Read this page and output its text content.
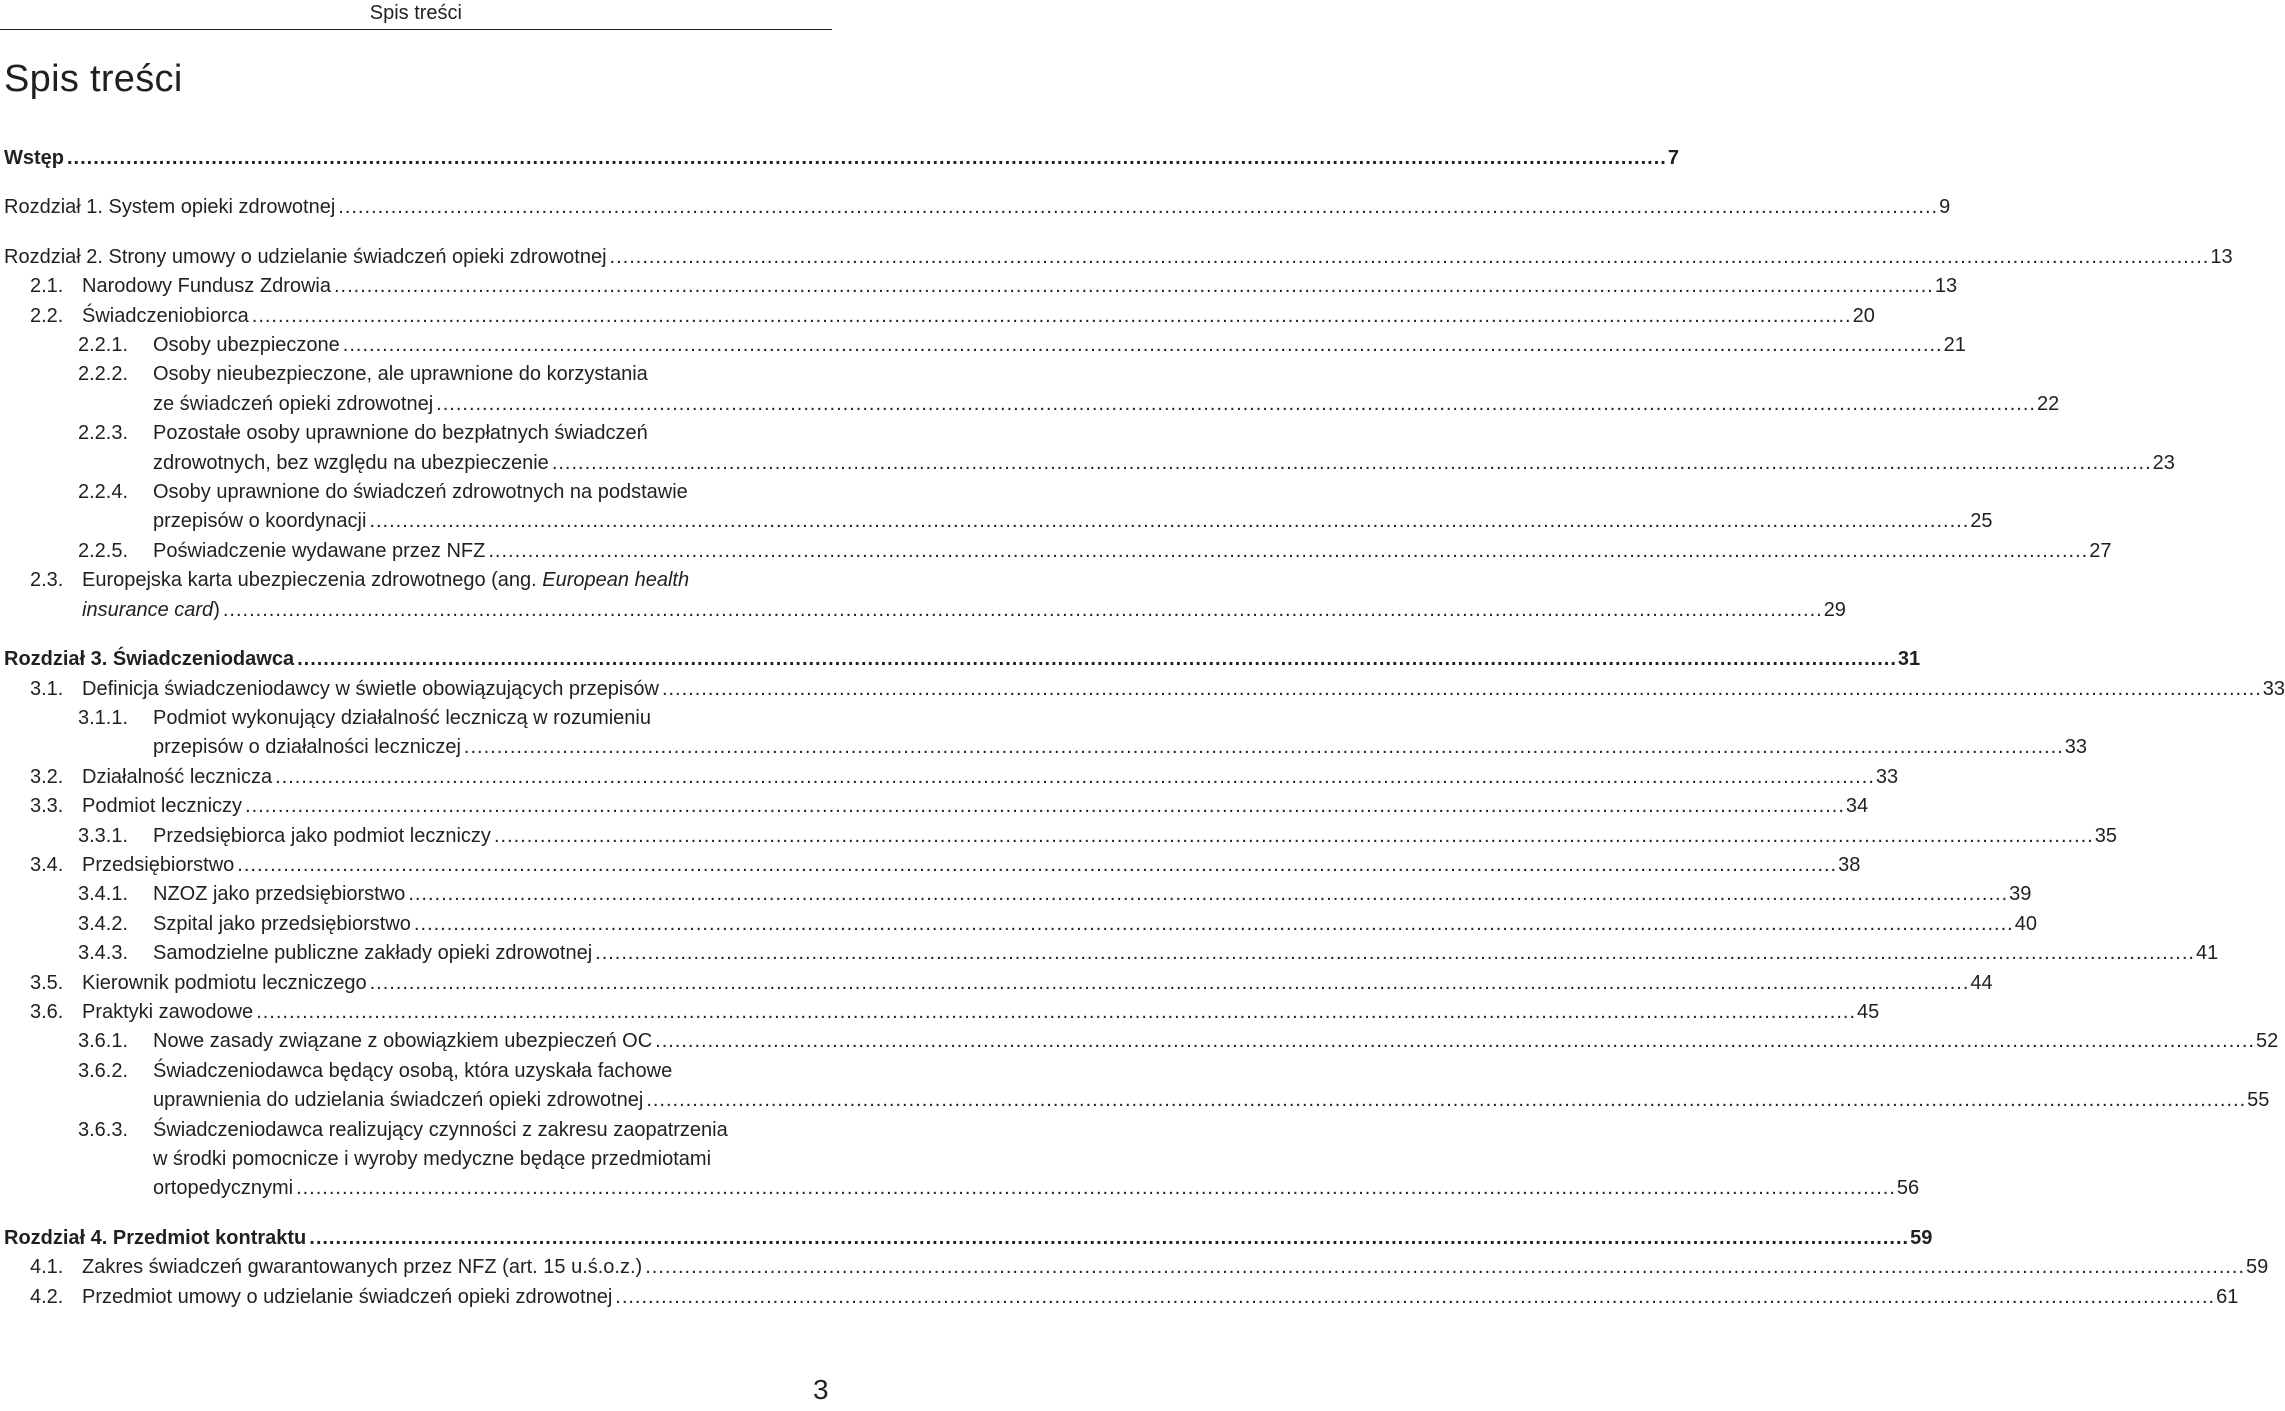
Spis treści
Spis treści
Wstęp .................................................................................................................................................................................................................................................... 7
Rozdział 1. System opieki zdrowotnej .................................................................................................................................................................................................................................................... 9
Rozdział 2. Strony umowy o udzielanie świadczeń opieki zdrowotnej .................................................................................................................................................................................................................................................... 13
2.1. Narodowy Fundusz Zdrowia .................................................................................................................................................................................................................................................... 13
2.2. Świadczeniobiorca .................................................................................................................................................................................................................................................... 20
2.2.1. Osoby ubezpieczone .................................................................................................................................................................................................................................................... 21
2.2.2. Osoby nieubezpieczone, ale uprawnione do korzystania
ze świadczeń opieki zdrowotnej .................................................................................................................................................................................................................................................... 22
2.2.3. Pozostałe osoby uprawnione do bezpłatnych świadczeń
zdrowotnych, bez względu na ubezpieczenie .................................................................................................................................................................................................................................................... 23
2.2.4. Osoby uprawnione do świadczeń zdrowotnych na podstawie
przepisów o koordynacji .................................................................................................................................................................................................................................................... 25
2.2.5. Poświadczenie wydawane przez NFZ .................................................................................................................................................................................................................................................... 27
2.3. Europejska karta ubezpieczenia zdrowotnego (ang. European health
insurance card) .................................................................................................................................................................................................................................................... 29
Rozdział 3. Świadczeniodawca .................................................................................................................................................................................................................................................... 31
3.1. Definicja świadczeniodawcy w świetle obowiązujących przepisów .................................................................................................................................................................................................................................................... 33
3.1.1. Podmiot wykonujący działalność leczniczą w rozumieniu
przepisów o działalności leczniczej .................................................................................................................................................................................................................................................... 33
3.2. Działalność lecznicza .................................................................................................................................................................................................................................................... 33
3.3. Podmiot leczniczy .................................................................................................................................................................................................................................................... 34
3.3.1. Przedsiębiorca jako podmiot leczniczy .................................................................................................................................................................................................................................................... 35
3.4. Przedsiębiorstwo .................................................................................................................................................................................................................................................... 38
3.4.1. NZOZ jako przedsiębiorstwo .................................................................................................................................................................................................................................................... 39
3.4.2. Szpital jako przedsiębiorstwo .................................................................................................................................................................................................................................................... 40
3.4.3. Samodzielne publiczne zakłady opieki zdrowotnej .................................................................................................................................................................................................................................................... 41
3.5. Kierownik podmiotu leczniczego .................................................................................................................................................................................................................................................... 44
3.6. Praktyki zawodowe .................................................................................................................................................................................................................................................... 45
3.6.1. Nowe zasady związane z obowiązkiem ubezpieczeń OC .................................................................................................................................................................................................................................................... 52
3.6.2. Świadczeniodawca będący osobą, która uzyskała fachowe
uprawnienia do udzielania świadczeń opieki zdrowotnej .................................................................................................................................................................................................................................................... 55
3.6.3. Świadczeniodawca realizujący czynności z zakresu zaopatrzenia
w środki pomocnicze i wyroby medyczne będące przedmiotami
ortopedycznymi .................................................................................................................................................................................................................................................... 56
Rozdział 4. Przedmiot kontraktu .................................................................................................................................................................................................................................................... 59
4.1. Zakres świadczeń gwarantowanych przez NFZ (art. 15 u.ś.o.z.) .................................................................................................................................................................................................................................................... 59
4.2. Przedmiot umowy o udzielanie świadczeń opieki zdrowotnej .................................................................................................................................................................................................................................................... 61
3
